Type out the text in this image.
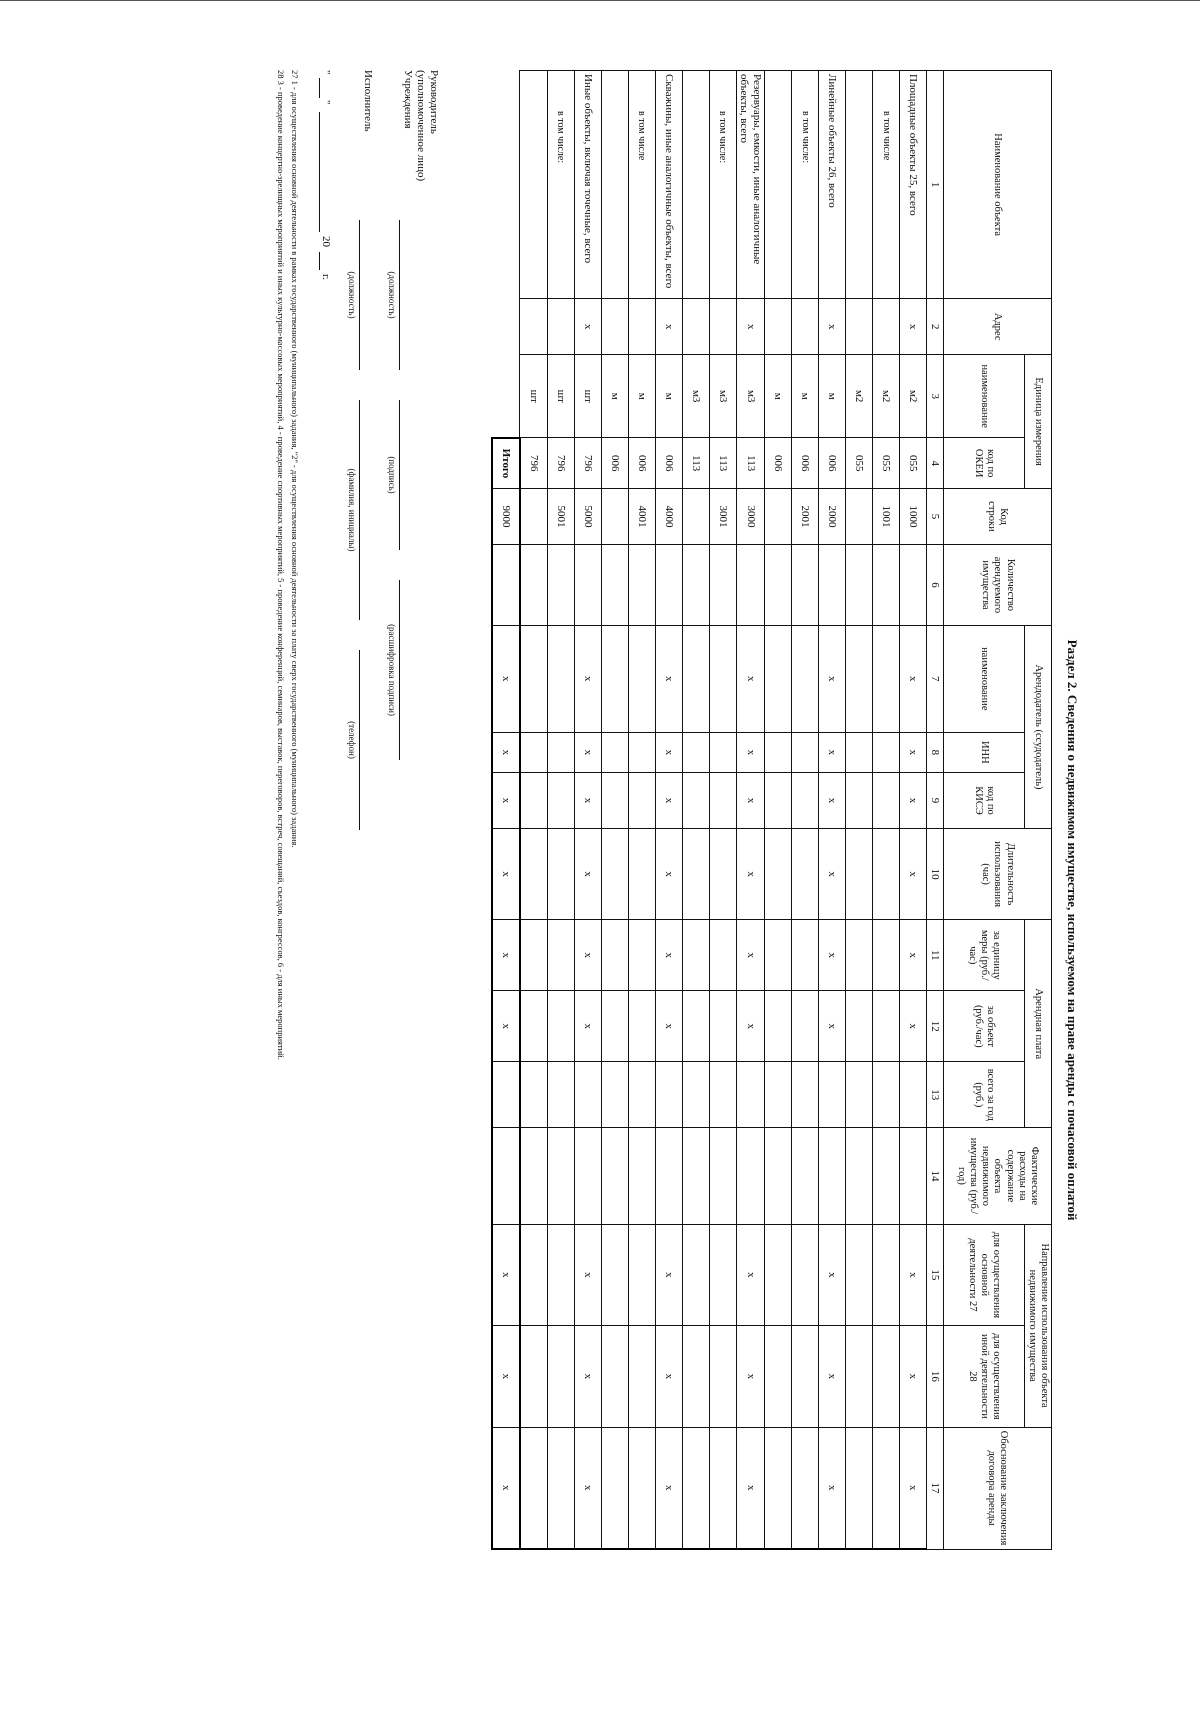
Раздел 2. Сведения о недвижимом имуществе, используемом на праве аренды с почасовой оплатой
Наименование объекта	Адрес	Единица измерения		Код строки	Количество арендуемого имущества	Арендодатель (ссудодатель)			Длительность использования (час)	Арендная плата			Фактические расходы на содержание объекта недвижимого имущества (руб./год)	Направление использования объекта недвижимого имущества		Обоснование заключения договора аренды
		наименование	код по ОКЕИ			наименование	ИНН	код по КИСЭ		за единицу меры (руб./час)	за объект (руб./час)	всего за год (руб.)		для осуществления основной деятельности 27	для осуществления иной деятельности 28	
1	2	3	4	5	6	7	8	9	10	11	12	13	14	15	16	17
Площадные объекты 25, всего	x	м2	055	1000		x	x	x	x	x	x			x	x	x
в том числе		м2	055	1001												
		м2	055													
Линейные объекты 26, всего	x	м	006	2000		x	x	x	x	x	x			x	x	x
в том числе:		м	006	2001												
		м	006													
Резервуары, емкости, иные аналогичные объекты, всего	x	м3	113	3000		x	x	x	x	x	x			x	x	x
в том числе:		м3	113	3001												
		м3	113													
Скважины, иные аналогичные объекты, всего	x	м	006	4000		x	x	x	x	x	x			x	x	x
в том числе		м	006	4001												
		м	006													
Иные объекты, включая точечные, всего	x	шт	796	5000		x	x	x	x	x	x			x	x	x
в том числе:		шт	796	5001												
		шт	796													
			Итого	9000		x	x	x	x	x	x			x	x	x
Руководитель
(уполномоченное лицо)
Учреждения
(должность)
(подпись)
(расшифровка подписи)
Исполнитель
(должность)
(фамилия, инициалы)
(телефон)
"
"
20
г.
27 1 - для осуществления основной деятельности в рамках государственного (муниципального) задания, "2" - для осуществления основной деятельности за плату сверх государственного (муниципального) задания.
28 3 - проведение концертно-зрелищных мероприятий и иных культурно-массовых мероприятий, 4 - проведение спортивных мероприятий, 5 - проведение конференций, семинаров, выставок, переговоров, встреч, совещаний, съездов, конгрессов, 6 - для иных мероприятий.
